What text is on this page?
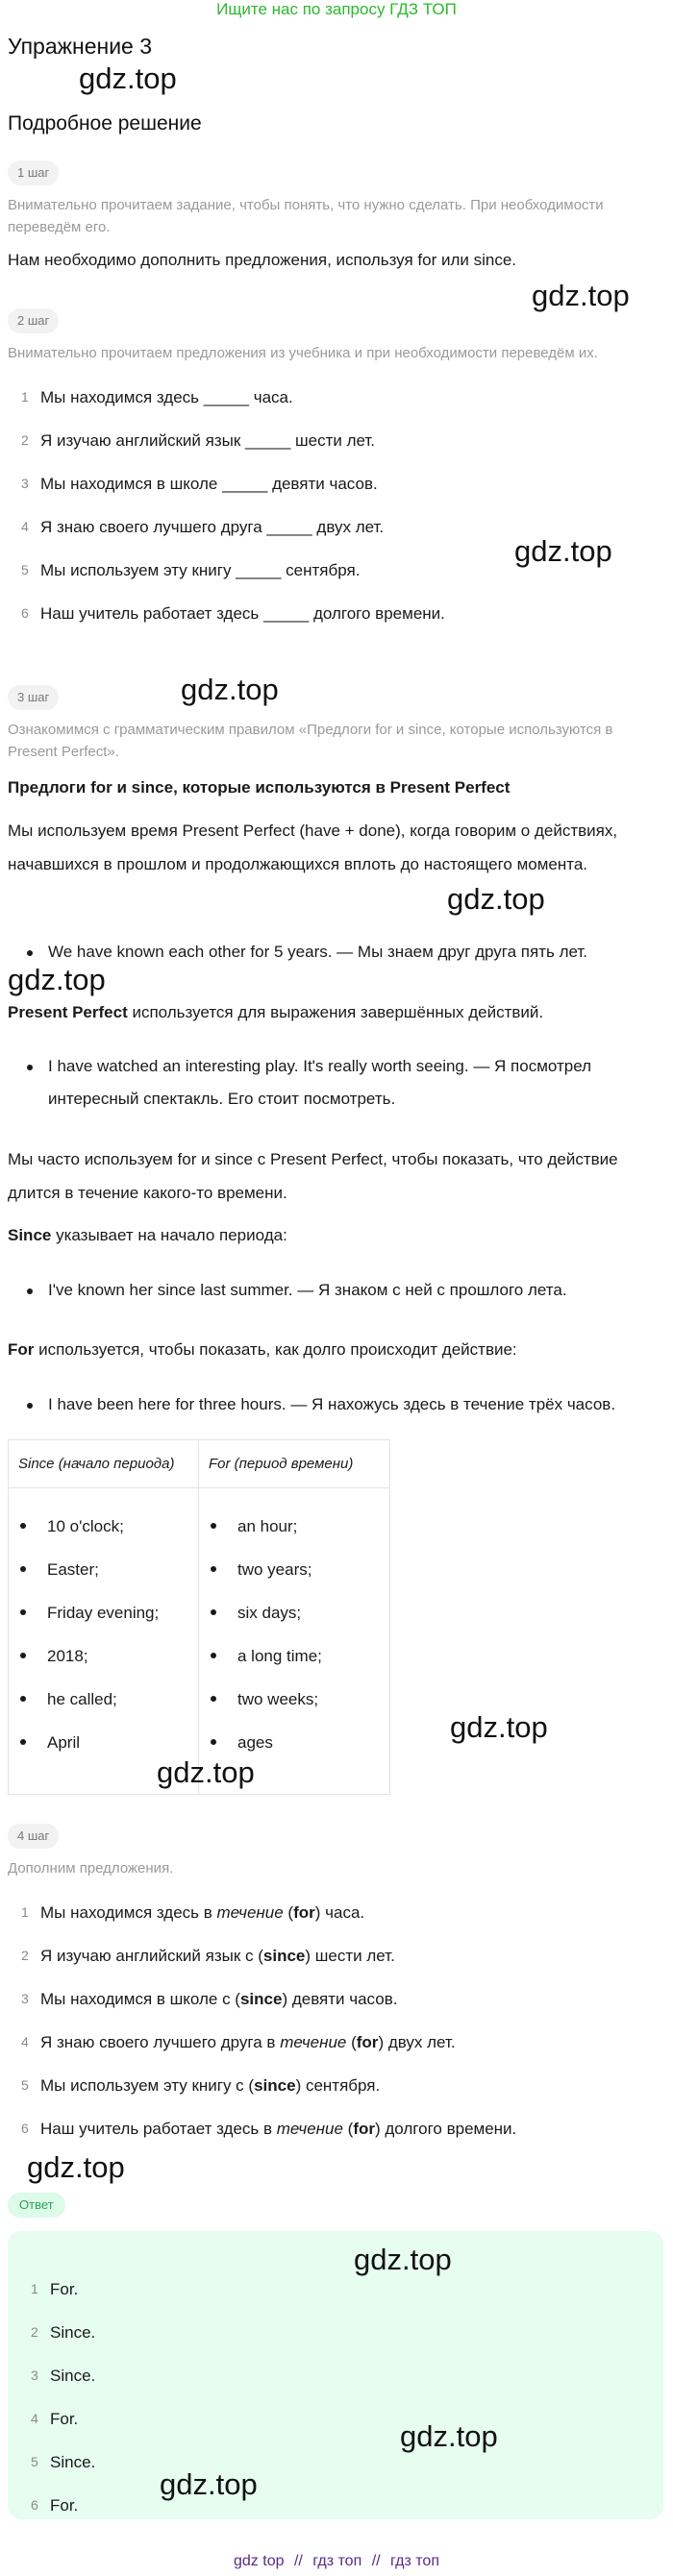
Ищите нас по запросу ГДЗ ТОП
Упражнение 3
gdz.top
Подробное решение
1 шаг
Внимательно прочитаем задание, чтобы понять, что нужно сделать. При необходимости переведём его.
Нам необходимо дополнить предложения, используя for или since.
gdz.top
2 шаг
Внимательно прочитаем предложения из учебника и при необходимости переведём их.
1 Мы находимся здесь _____ часа.
2 Я изучаю английский язык _____ шести лет.
3 Мы находимся в школе _____ девяти часов.
4 Я знаю своего лучшего друга _____ двух лет.
5 Мы используем эту книгу _____ сентября.
6 Наш учитель работает здесь _____ долгого времени.
gdz.top
gdz.top
3 шаг
Ознакомимся с грамматическим правилом «Предлоги for и since, которые используются в Present Perfect».
Предлоги for и since, которые используются в Present Perfect
Мы используем время Present Perfect (have + done), когда говорим о действиях, начавшихся в прошлом и продолжающихся вплоть до настоящего момента.
gdz.top
We have known each other for 5 years. — Мы знаем друг друга пять лет.
gdz.top
Present Perfect используется для выражения завершённых действий.
I have watched an interesting play. It's really worth seeing. — Я посмотрел интересный спектакль. Его стоит посмотреть.
Мы часто используем for и since с Present Perfect, чтобы показать, что действие длится в течение какого-то времени.
Since указывает на начало периода:
I've known her since last summer. — Я знаком с ней с прошлого лета.
For используется, чтобы показать, как долго происходит действие:
I have been here for three hours. — Я нахожусь здесь в течение трёх часов.
Since (начало периода)	For (период времени)
10 o'clock;
Easter;
Friday evening;
2018;
he called;
April
an hour;
two years;
six days;
a long time;
two weeks;
ages	gdz.top
gdz.top
4 шаг
Дополним предложения.
1 Мы находимся здесь в течение (for) часа.
2 Я изучаю английский язык с (since) шести лет.
3 Мы находимся в школе с (since) девяти часов.
4 Я знаю своего лучшего друга в течение (for) двух лет.
5 Мы используем эту книгу с (since) сентября.
6 Наш учитель работает здесь в течение (for) долгого времени.
gdz.top
Ответ
gdz.top
1 For.
2 Since.
3 Since.
4 For.
5 Since.
6 For.
gdz.top
gdz.top
gdz top // гдз топ // гдз топ
